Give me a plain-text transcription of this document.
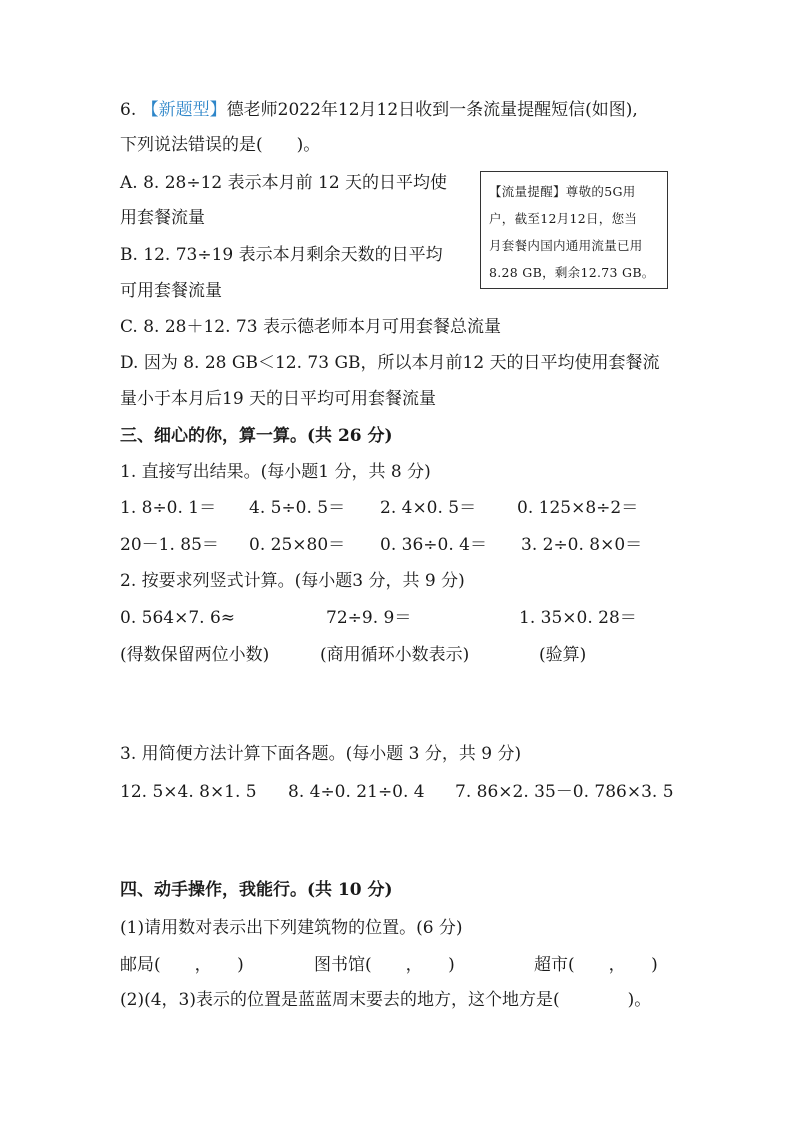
6. 【新题型】德老师2022年12月12日收到一条流量提醒短信(如图),
下列说法错误的是(　　)。
A. 8. 28÷12 表示本月前 12 天的日平均使
用套餐流量
B. 12. 73÷19 表示本月剩余天数的日平均
可用套餐流量
【流量提醒】尊敬的5G用
户，截至12月12日，您当
月套餐内国内通用流量已用
8.28 GB，剩余12.73 GB。
C. 8. 28＋12. 73 表示德老师本月可用套餐总流量
D. 因为 8. 28 GB＜12. 73 GB，所以本月前12 天的日平均使用套餐流
量小于本月后19 天的日平均可用套餐流量
三、细心的你，算一算。(共 26 分)
1. 直接写出结果。(每小题1 分，共 8 分)
1. 8÷0. 1＝ 4. 5÷0. 5＝ 2. 4×0. 5＝ 0. 125×8÷2＝
20－1. 85＝ 0. 25×80＝ 0. 36÷0. 4＝ 3. 2÷0. 8×0＝
2. 按要求列竖式计算。(每小题3 分，共 9 分)
0. 564×7. 6≈	72÷9. 9＝	1. 35×0. 28＝
(得数保留两位小数)	(商用循环小数表示)	(验算)
3. 用简便方法计算下面各题。(每小题 3 分，共 9 分)
12. 5×4. 8×1. 5 8. 4÷0. 21÷0. 4 7. 86×2. 35－0. 786×3. 5
四、动手操作，我能行。(共 10 分)
(1)请用数对表示出下列建筑物的位置。(6 分)
邮局(　　，　　)	图书馆(　　，　　)	超市(　　，　　)
(2)(4，3)表示的位置是蓝蓝周末要去的地方，这个地方是(　　　　)。
